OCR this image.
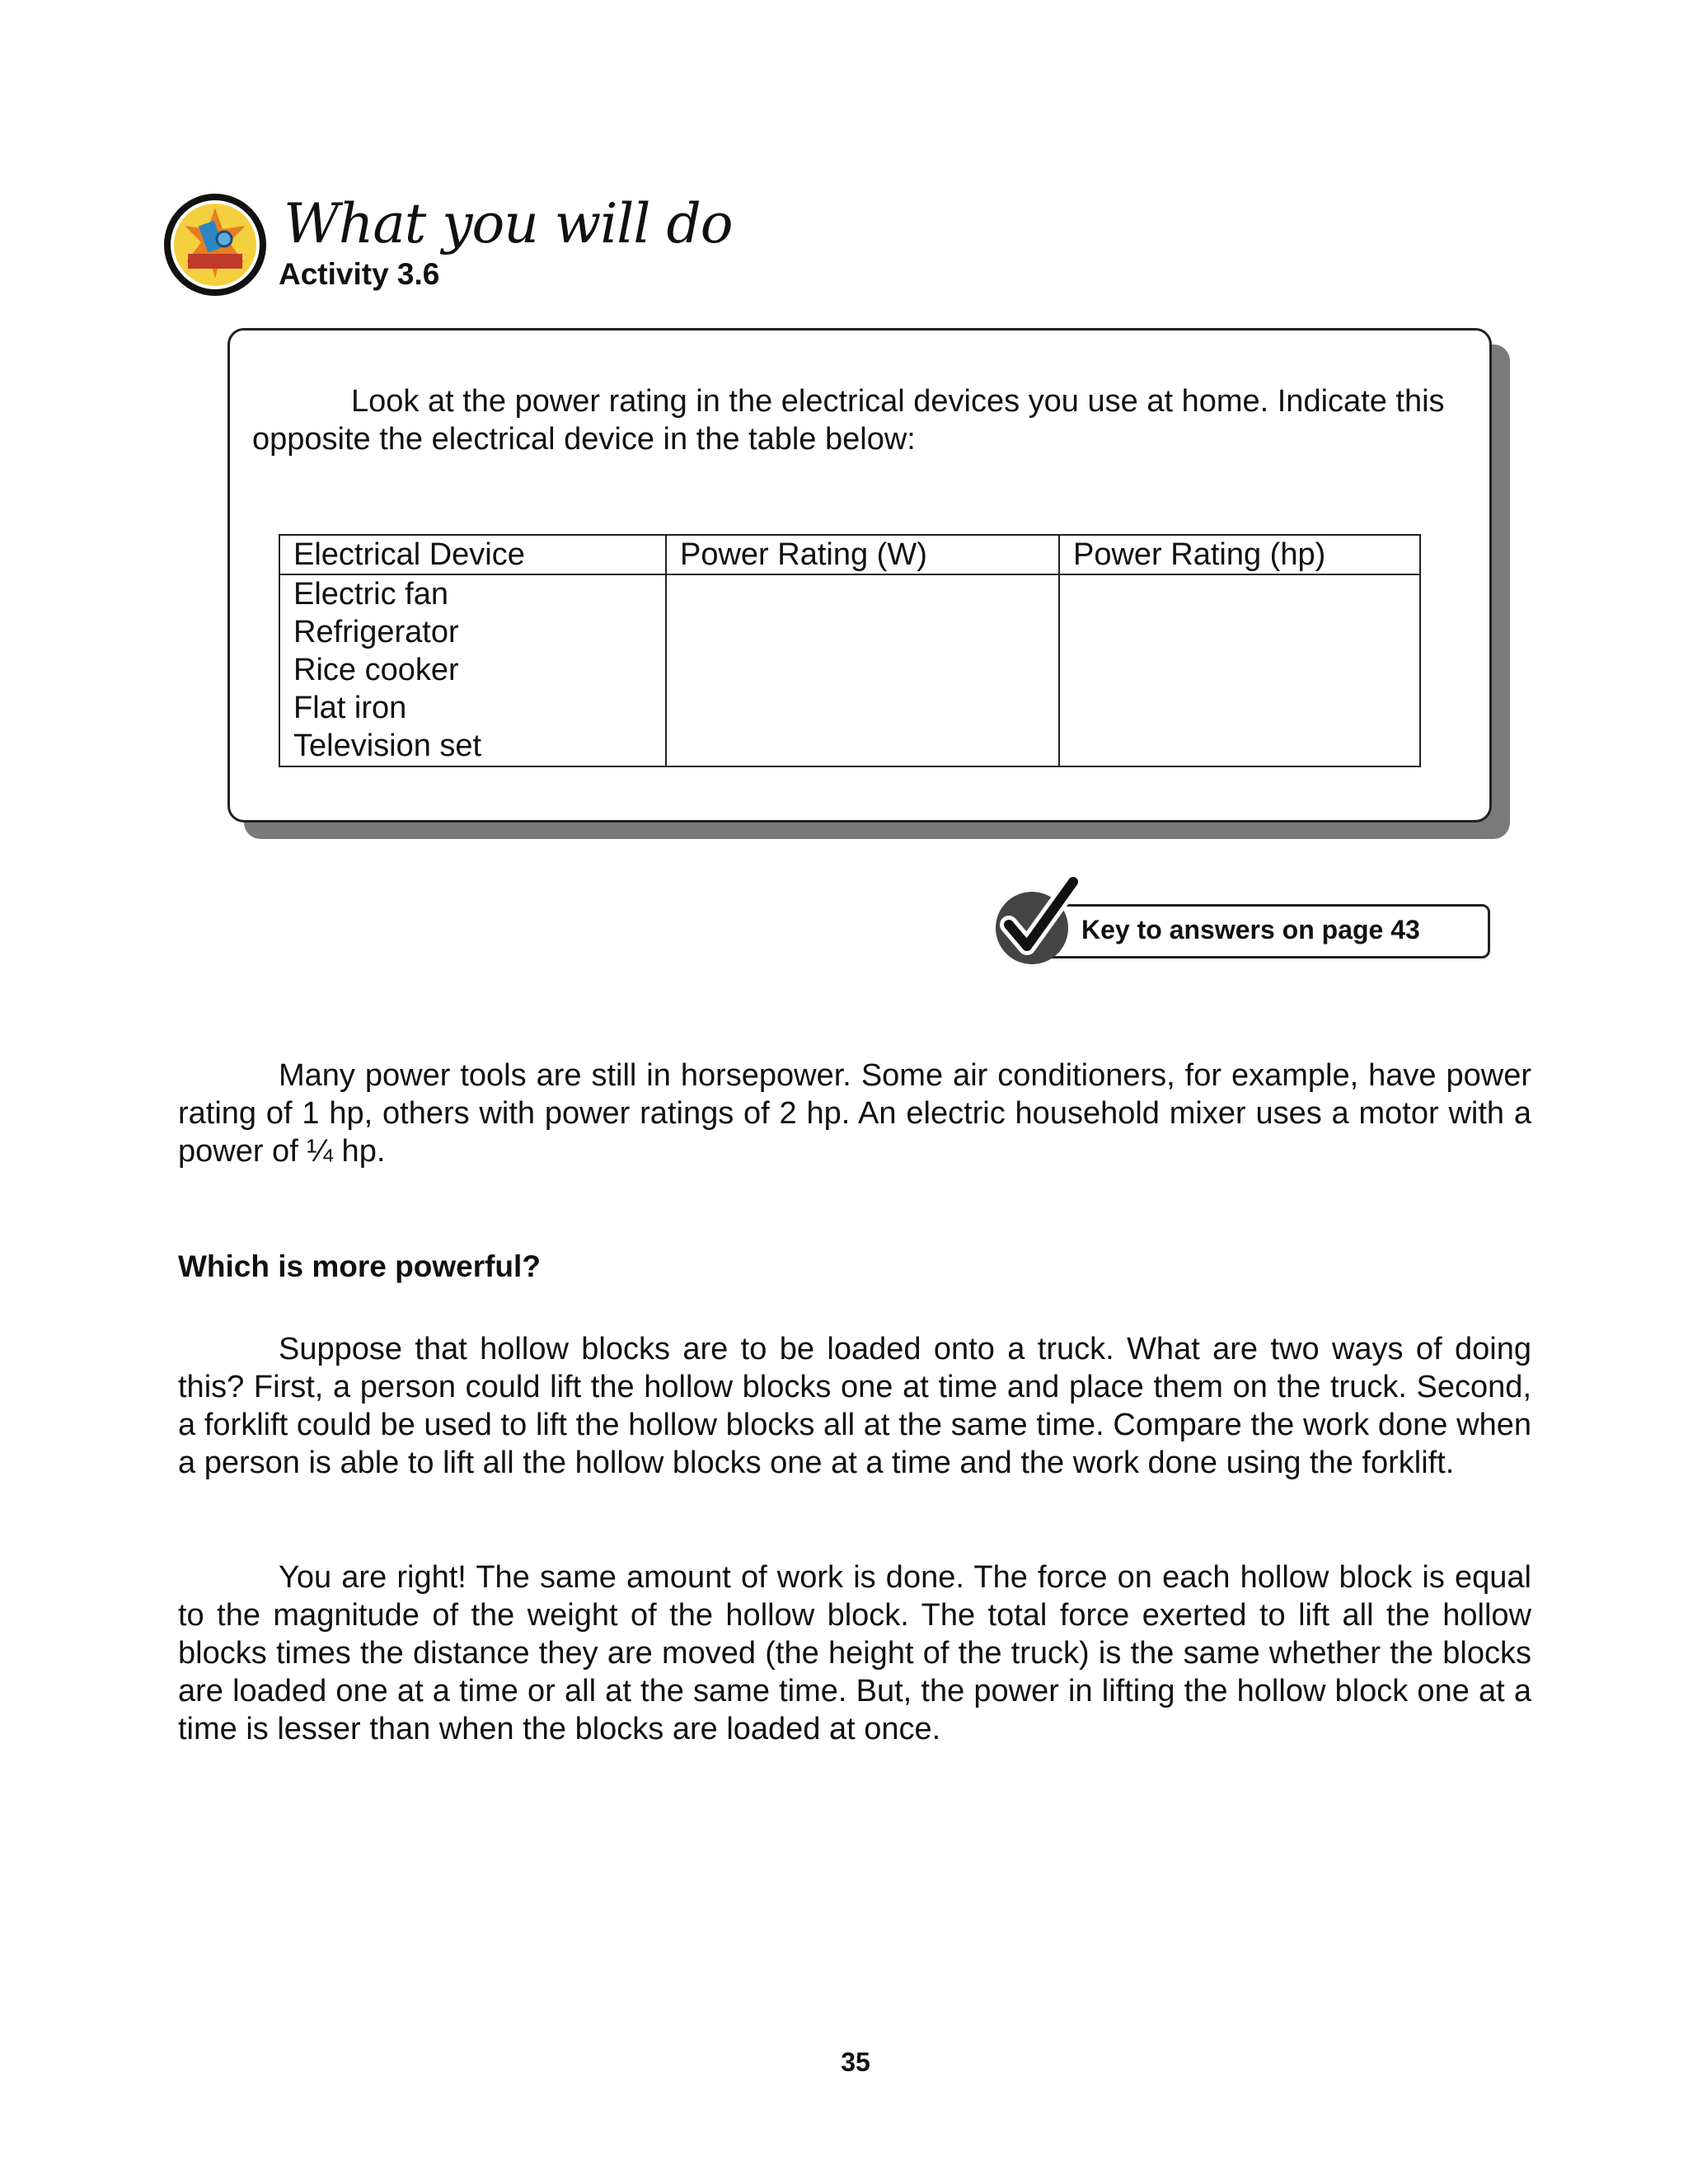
What you will do
Activity 3.6
Look at the power rating in the electrical devices you use at home. Indicate this opposite the electrical device in the table below:
Electrical Device	Power Rating (W)	Power Rating (hp)

Electric fan
Refrigerator
Rice cooker
Flat iron
Television set		

Key to answers on page 43
Many power tools are still in horsepower. Some air conditioners, for example, have power rating of 1 hp, others with power ratings of 2 hp. An electric household mixer uses a motor with a power of ¼ hp.
Which is more powerful?
Suppose that hollow blocks are to be loaded onto a truck. What are two ways of doing this? First, a person could lift the hollow blocks one at time and place them on the truck. Second, a forklift could be used to lift the hollow blocks all at the same time. Compare the work done when a person is able to lift all the hollow blocks one at a time and the work done using the forklift.
You are right! The same amount of work is done. The force on each hollow block is equal to the magnitude of the weight of the hollow block. The total force exerted to lift all the hollow blocks times the distance they are moved (the height of the truck) is the same whether the blocks are loaded one at a time or all at the same time. But, the power in lifting the hollow block one at a time is lesser than when the blocks are loaded at once.
35
